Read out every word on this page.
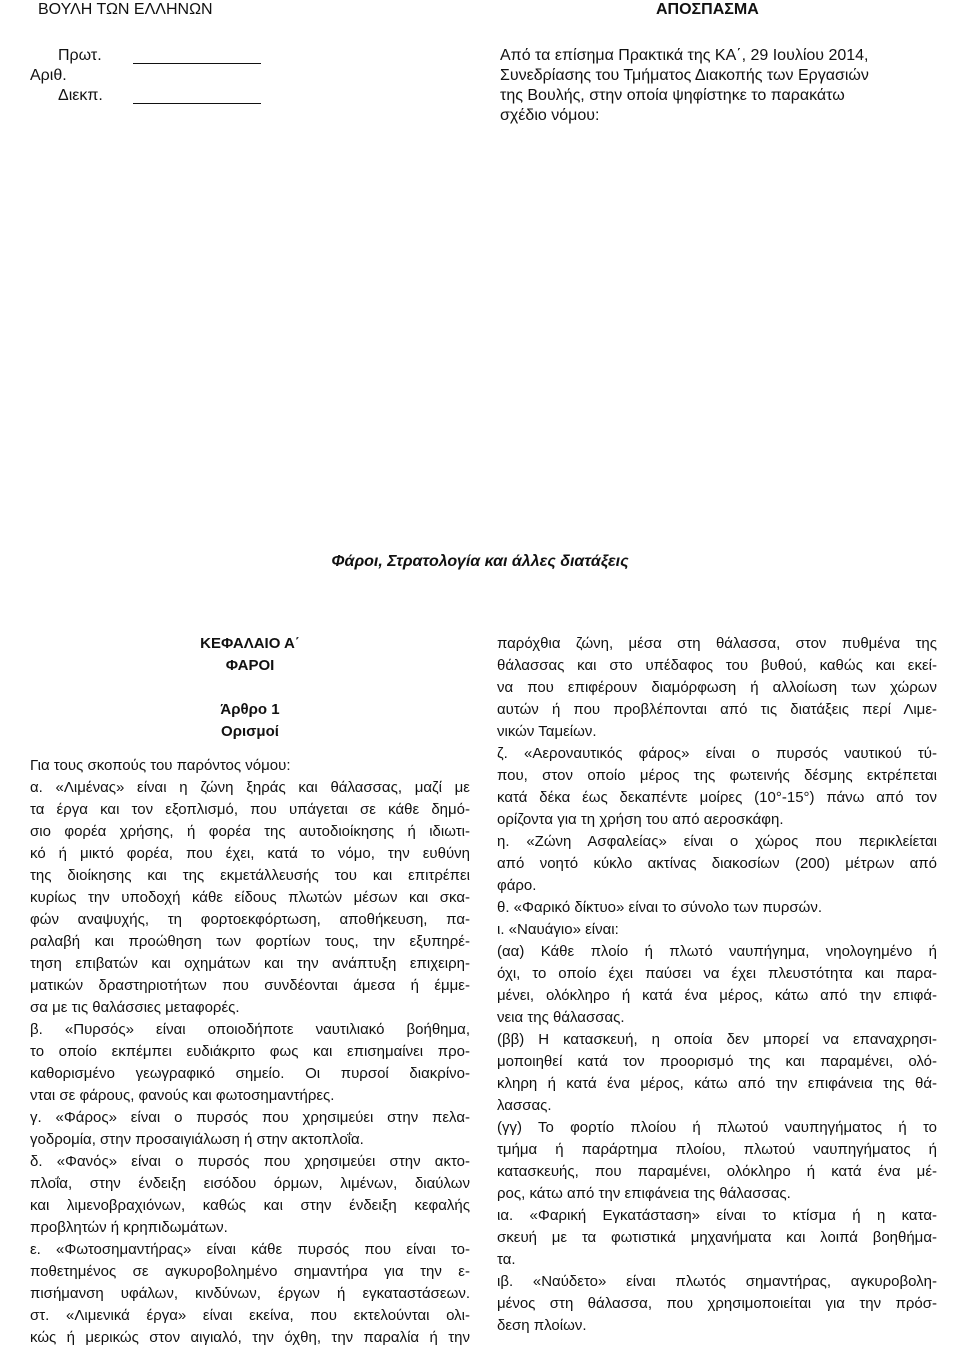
ΒΟΥΛΗ ΤΩΝ ΕΛΛΗΝΩΝ	ΑΠΟΣΠΑΣΜΑ
Πρωτ.
Αριθ.
Διεκπ.
Από τα επίσημα Πρακτικά της ΚΑ΄, 29 Ιουλίου 2014,
Συνεδρίασης του Τμήματος Διακοπής των Εργασιών
της Βουλής, στην οποία ψηφίστηκε το παρακάτω
σχέδιο νόμου:
Φάροι, Στρατολογία και άλλες διατάξεις
ΚΕΦΑΛΑΙΟ Α΄
ΦΑΡΟΙ
Άρθρο 1
Ορισμοί
Για τους σκοπούς του παρόντος νόμου:
α. «Λιμένας» είναι η ζώνη ξηράς και θάλασσας, μαζί με
τα έργα και τον εξοπλισμό, που υπάγεται σε κάθε δημό-
σιο φορέα χρήσης, ή φορέα της αυτοδιοίκησης ή ιδιωτι-
κό ή μικτό φορέα, που έχει, κατά το νόμο, την ευθύνη
της διοίκησης και της εκμετάλλευσής του και επιτρέπει
κυρίως την υποδοχή κάθε είδους πλωτών μέσων και σκα-
φών αναψυχής, τη φορτοεκφόρτωση, αποθήκευση, πα-
ραλαβή και προώθηση των φορτίων τους, την εξυπηρέ-
τηση επιβατών και οχημάτων και την ανάπτυξη επιχειρη-
ματικών δραστηριοτήτων που συνδέονται άμεσα ή έμμε-
σα με τις θαλάσσιες μεταφορές.
β. «Πυρσός» είναι οποιοδήποτε ναυτιλιακό βοήθημα,
το οποίο εκπέμπει ευδιάκριτο φως και επισημαίνει προ-
καθορισμένο γεωγραφικό σημείο. Οι πυρσοί διακρίνο-
νται σε φάρους, φανούς και φωτοσημαντήρες.
γ. «Φάρος» είναι ο πυρσός που χρησιμεύει στην πελα-
γοδρομία, στην προσαιγιάλωση ή στην ακτοπλοΐα.
δ. «Φανός» είναι ο πυρσός που χρησιμεύει στην ακτο-
πλοΐα, στην ένδειξη εισόδου όρμων, λιμένων, διαύλων
και λιμενοβραχιόνων, καθώς και στην ένδειξη κεφαλής
προβλητών ή κρηπιδωμάτων.
ε. «Φωτοσημαντήρας» είναι κάθε πυρσός που είναι το-
ποθετημένος σε αγκυροβολημένο σημαντήρα για την ε-
πισήμανση υφάλων, κινδύνων, έργων ή εγκαταστάσεων.
στ. «Λιμενικά έργα» είναι εκείνα, που εκτελούνται ολι-
κώς ή μερικώς στον αιγιαλό, την όχθη, την παραλία ή την
παρόχθια ζώνη, μέσα στη θάλασσα, στον πυθμένα της
θάλασσας και στο υπέδαφος του βυθού, καθώς και εκεί-
να που επιφέρουν διαμόρφωση ή αλλοίωση των χώρων
αυτών ή που προβλέπονται από τις διατάξεις περί Λιμε-
νικών Ταμείων.
ζ. «Αεροναυτικός φάρος» είναι ο πυρσός ναυτικού τύ-
που, στον οποίο μέρος της φωτεινής δέσμης εκτρέπεται
κατά δέκα έως δεκαπέντε μοίρες (10°-15°) πάνω από τον
ορίζοντα για τη χρήση του από αεροσκάφη.
η. «Ζώνη Ασφαλείας» είναι ο χώρος που περικλείεται
από νοητό κύκλο ακτίνας διακοσίων (200) μέτρων από
φάρο.
θ. «Φαρικό δίκτυο» είναι το σύνολο των πυρσών.
ι. «Ναυάγιο» είναι:
(αα) Κάθε πλοίο ή πλωτό ναυπήγημα, νηολογημένο ή
όχι, το οποίο έχει παύσει να έχει πλευστότητα και παρα-
μένει, ολόκληρο ή κατά ένα μέρος, κάτω από την επιφά-
νεια της θάλασσας.
(ββ) Η κατασκευή, η οποία δεν μπορεί να επαναχρησι-
μοποιηθεί κατά τον προορισμό της και παραμένει, ολό-
κληρη ή κατά ένα μέρος, κάτω από την επιφάνεια της θά-
λασσας.
(γγ) Το φορτίο πλοίου ή πλωτού ναυπηγήματος ή το
τμήμα ή παράρτημα πλοίου, πλωτού ναυπηγήματος ή
κατασκευής, που παραμένει, ολόκληρο ή κατά ένα μέ-
ρος, κάτω από την επιφάνεια της θάλασσας.
ια. «Φαρική Εγκατάσταση» είναι το κτίσμα ή η κατα-
σκευή με τα φωτιστικά μηχανήματα και λοιπά βοηθήμα-
τα.
ιβ. «Ναύδετο» είναι πλωτός σημαντήρας, αγκυροβολη-
μένος στη θάλασσα, που χρησιμοποιείται για την πρόσ-
δεση πλοίων.
